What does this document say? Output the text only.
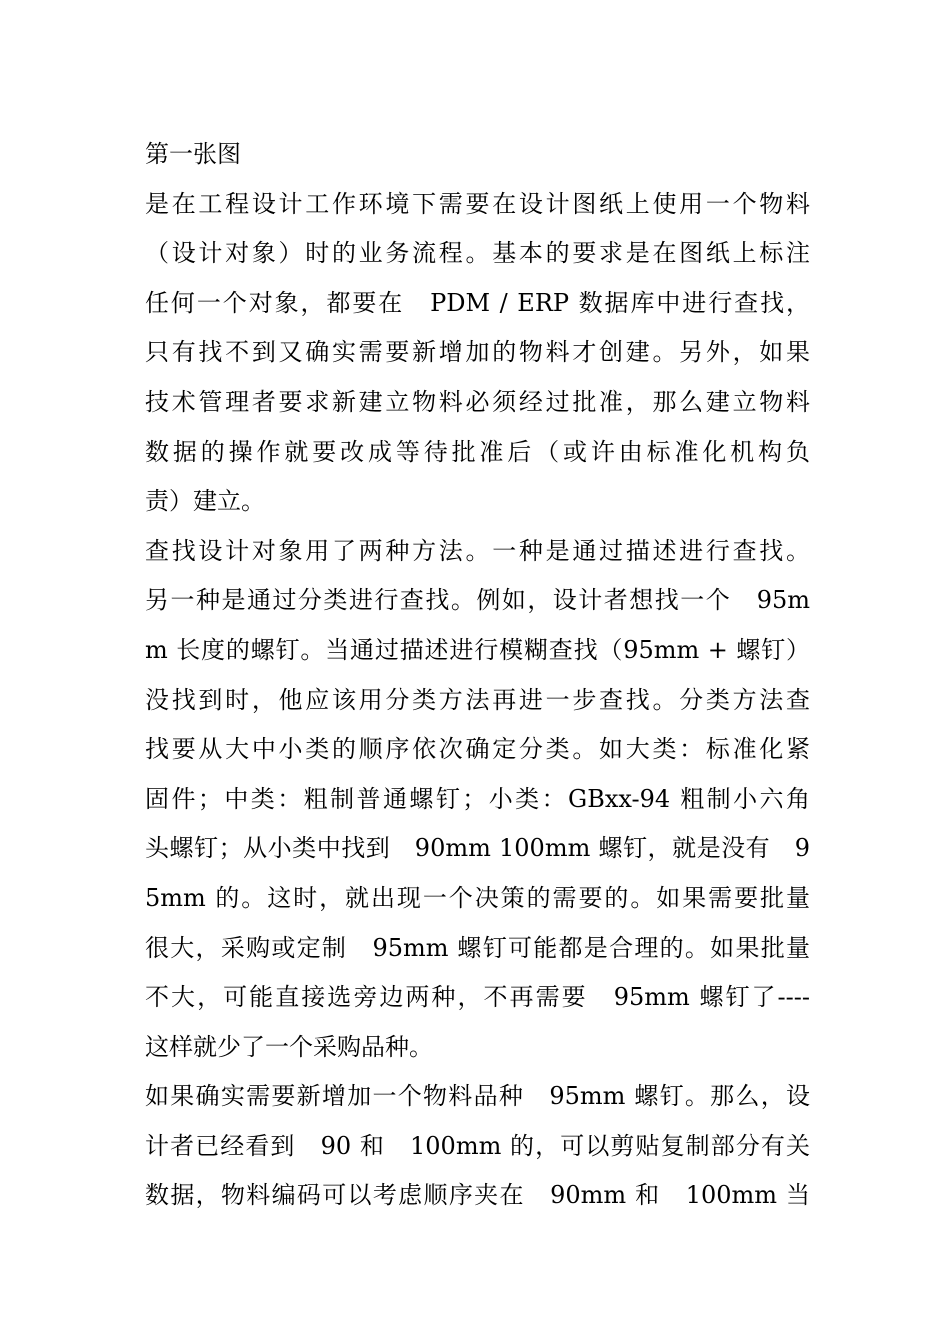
第一张图
是在工程设计工作环境下需要在设计图纸上使用一个物料
（设计对象）时的业务流程。基本的要求是在图纸上标注
任何一个对象，都要在　PDM / ERP 数据库中进行查找，
只有找不到又确实需要新增加的物料才创建。另外，如果
技术管理者要求新建立物料必须经过批准，那么建立物料
数据的操作就要改成等待批准后（或许由标准化机构负
责）建立。
查找设计对象用了两种方法。一种是通过描述进行查找。
另一种是通过分类进行查找。例如，设计者想找一个　95m
m 长度的螺钉。当通过描述进行模糊查找（95mm + 螺钉）
没找到时，他应该用分类方法再进一步查找。分类方法查
找要从大中小类的顺序依次确定分类。如大类：标准化紧
固件；中类：粗制普通螺钉；小类：GBxx-94 粗制小六角
头螺钉；从小类中找到　90mm 100mm 螺钉，就是没有　9
5mm 的。这时，就出现一个决策的需要的。如果需要批量
很大，采购或定制　95mm 螺钉可能都是合理的。如果批量
不大，可能直接选旁边两种，不再需要　95mm 螺钉了----
这样就少了一个采购品种。
如果确实需要新增加一个物料品种　95mm 螺钉。那么，设
计者已经看到　90 和　100mm 的，可以剪贴复制部分有关
数据，物料编码可以考虑顺序夹在　90mm 和　100mm 当
